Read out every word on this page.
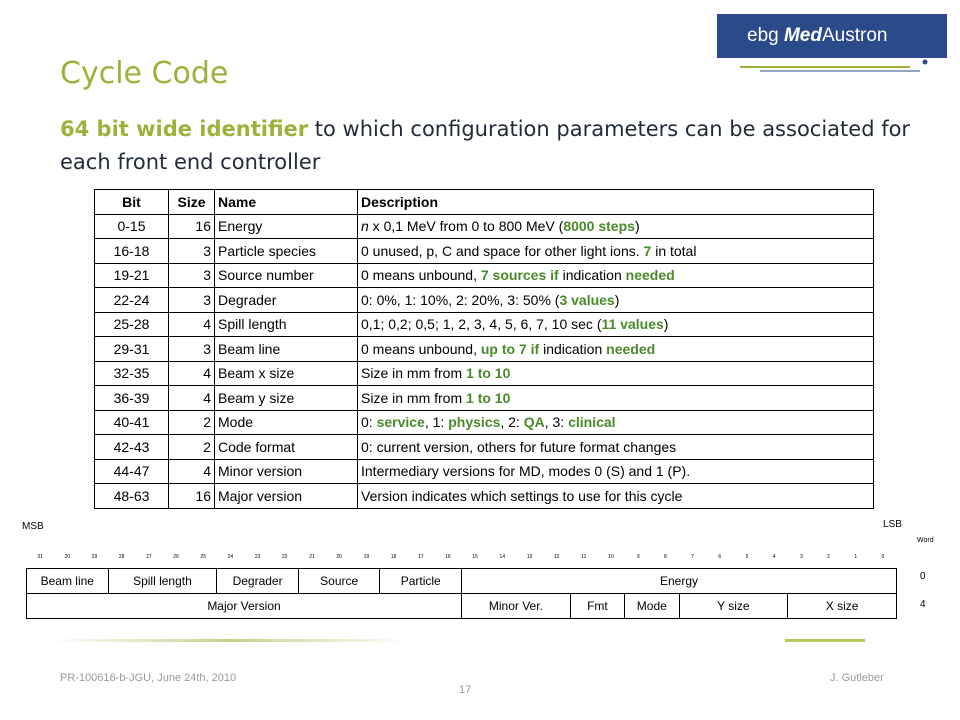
ebg MedAustron
Cycle Code
64 bit wide identifier to which configuration parameters can be associated for each front end controller
Bit	Size	Name	Description
0-15	16	Energy	n x 0,1 MeV from 0 to 800 MeV (8000 steps)
16-18	3	Particle species	0 unused, p, C and space for other light ions. 7 in total
19-21	3	Source number	0 means unbound, 7 sources if indication needed
22-24	3	Degrader	0: 0%, 1: 10%, 2: 20%, 3: 50% (3 values)
25-28	4	Spill length	0,1; 0,2; 0,5; 1, 2, 3, 4, 5, 6, 7, 10 sec (11 values)
29-31	3	Beam line	0 means unbound, up to 7 if indication needed
32-35	4	Beam x size	Size in mm from 1 to 10
36-39	4	Beam y size	Size in mm from 1 to 10
40-41	2	Mode	0: service, 1: physics, 2: QA, 3: clinical
42-43	2	Code format	0: current version, others for future format changes
44-47	4	Minor version	Intermediary versions for MD, modes 0 (S) and 1 (P).
48-63	16	Major version	Version indicates which settings to use for this cycle
MSB	LSB
Word
0
4
31	20	29	28	27	26	25	24	23	22	21	20	19	18	17	16	15	14	13	12	11	10	9	8	7	6	5	4	3	2	1	0
Beam line			Spill length				Degrader			Source			Particle			Energy															
Major Version																Minor Ver.				Fmt		Mode		Y size				X size			
PR-100616-b-JGU, June 24th, 2010	J. Gutleber
17
